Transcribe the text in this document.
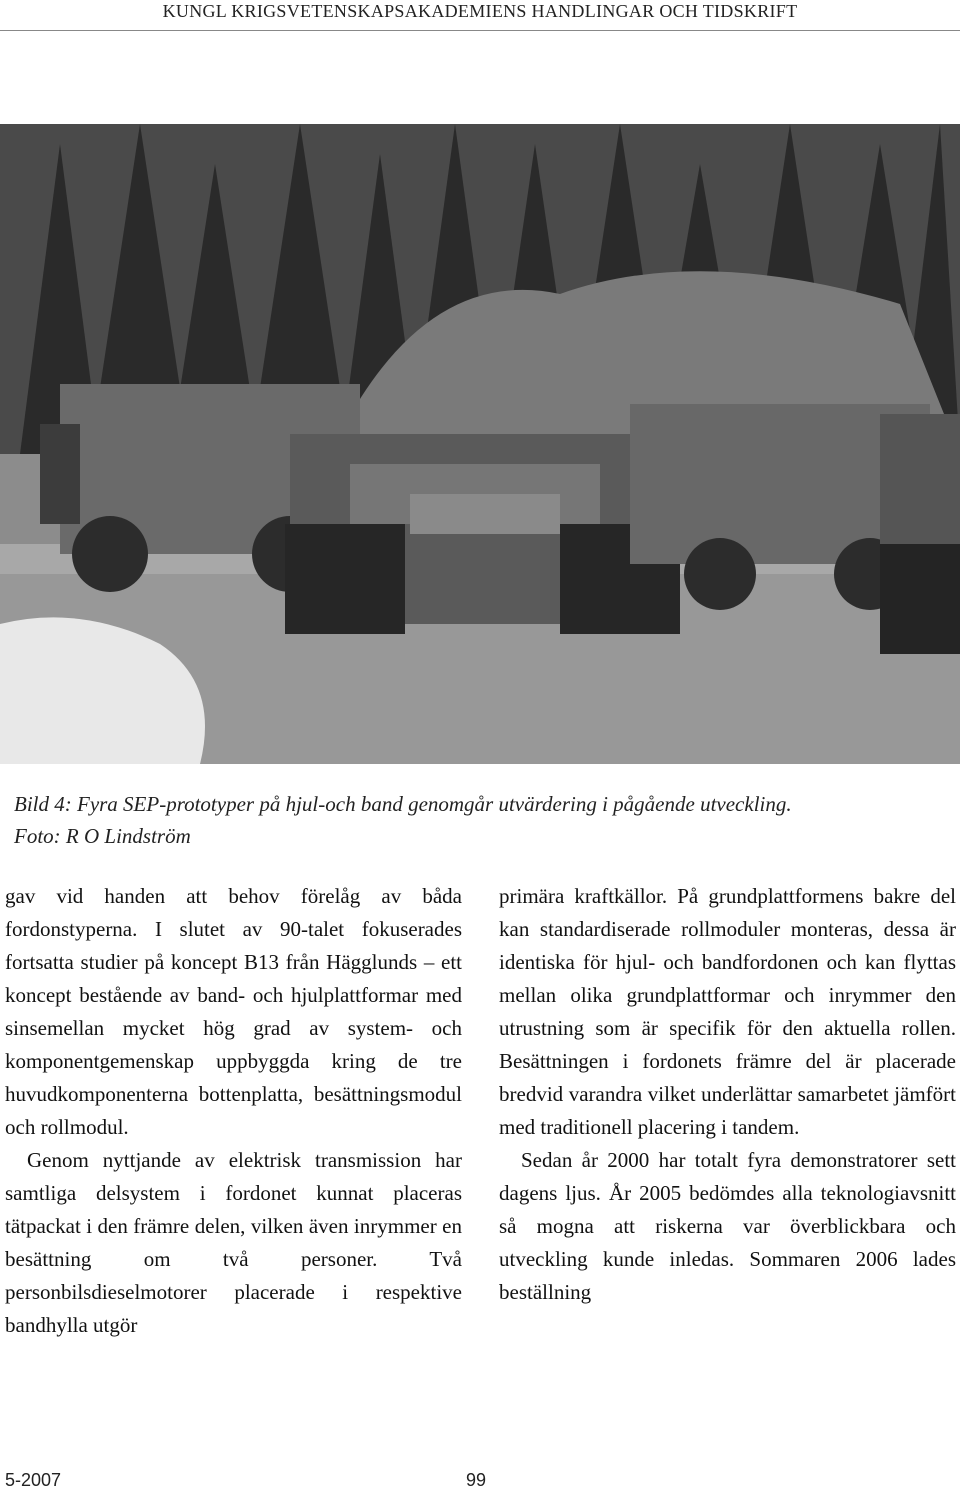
KUNGL KRIGSVETENSKAPSAKADEMIENS HANDLINGAR OCH TIDSKRIFT
Bild 4: Fyra SEP-prototyper på hjul-och band genomgår utvärdering i pågående utveckling.
Foto: R O Lindström

gav vid handen att behov förelåg av båda fordonstyperna. I slutet av 90-talet fokuserades fortsatta studier på koncept B13 från Hägglunds – ett koncept bestående av band- och hjulplattformar med sinsemellan mycket hög grad av system- och komponentgemenskap uppbyggda kring de tre huvudkomponenterna bottenplatta, besättningsmodul och rollmodul.

Genom nyttjande av elektrisk transmission har samtliga delsystem i fordonet kunnat placeras tätpackat i den främre delen, vilken även inrymmer en besättning om två personer. Två personbilsdieselmotorer placerade i respektive bandhylla utgör

primära kraftkällor. På grundplattformens bakre del kan standardiserade rollmoduler monteras, dessa är identiska för hjul- och bandfordonen och kan flyttas mellan olika grundplattformar och inrymmer den utrustning som är specifik för den aktuella rollen. Besättningen i fordonets främre del är placerade bredvid varandra vilket underlättar samarbetet jämfört med traditionell placering i tandem.

Sedan år 2000 har totalt fyra demonstratorer sett dagens ljus. År 2005 bedömdes alla teknologiavsnitt så mogna att riskerna var överblickbara och utveckling kunde inledas. Sommaren 2006 lades beställning

5-2007	99
